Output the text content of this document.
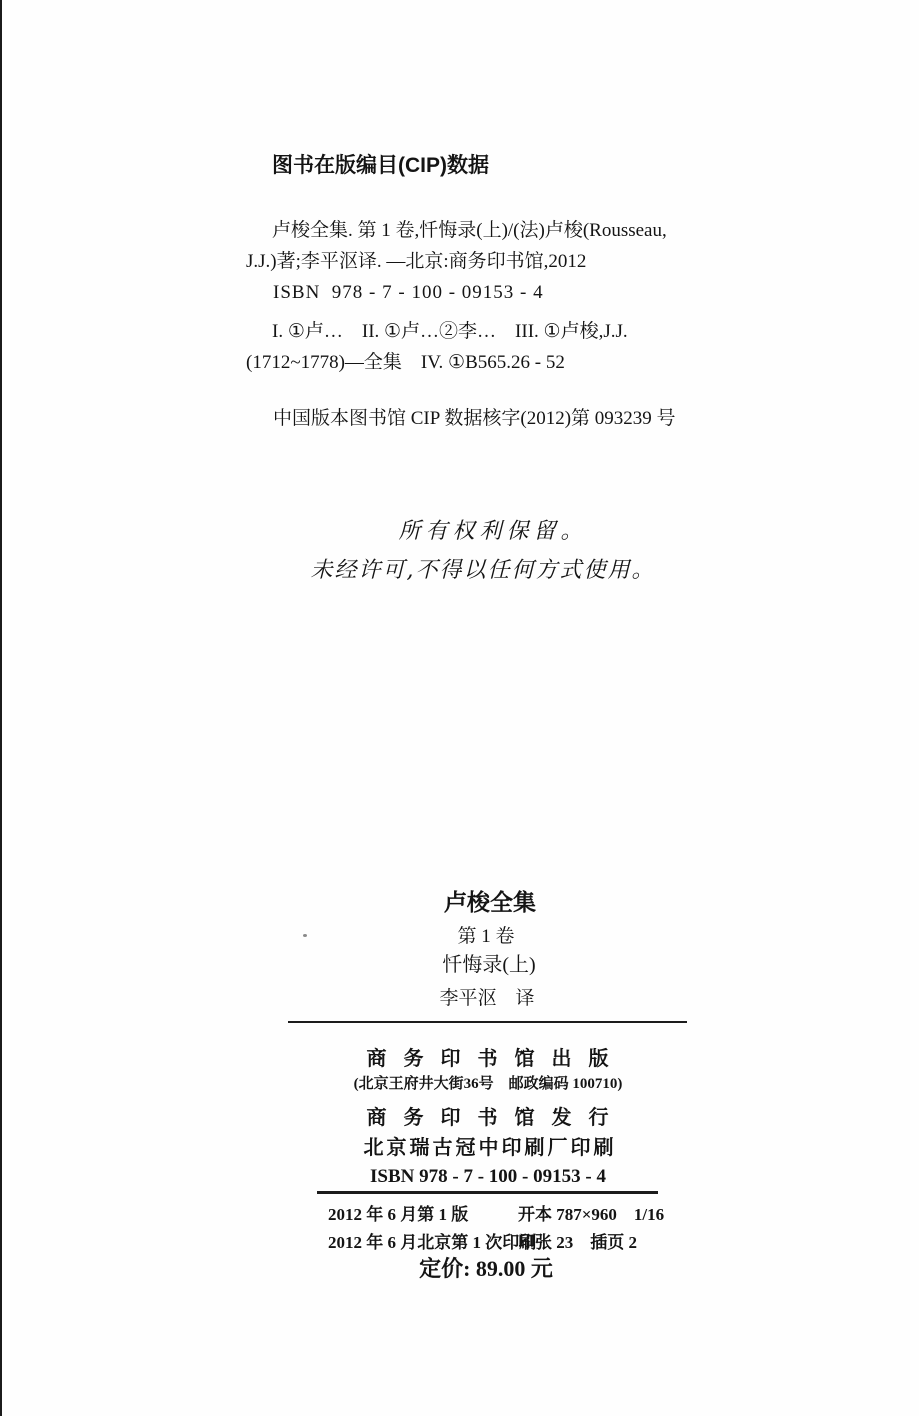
图书在版编目(CIP)数据
卢梭全集. 第 1 卷,忏悔录(上)/(法)卢梭(Rousseau,
J.J.)著;李平沤译. —北京:商务印书馆,2012
ISBN  978 - 7 - 100 - 09153 - 4
I. ①卢…　II. ①卢…②李…　III. ①卢梭,J.J.
(1712~1778)—全集　IV. ①B565.26 - 52
中国版本图书馆 CIP 数据核字(2012)第 093239 号
所有权利保留。
未经许可,不得以任何方式使用。
卢梭全集
第 1 卷
忏悔录(上)
李平沤　译
商务印书馆出版
(北京王府井大街36号　邮政编码 100710)
商务印书馆发行
北京瑞古冠中印刷厂印刷
ISBN 978 - 7 - 100 - 09153 - 4
2012 年 6 月第 1 版	开本 787×960　1/16
2012 年 6 月北京第 1 次印刷
印张 23　插页 2
定价: 89.00 元
